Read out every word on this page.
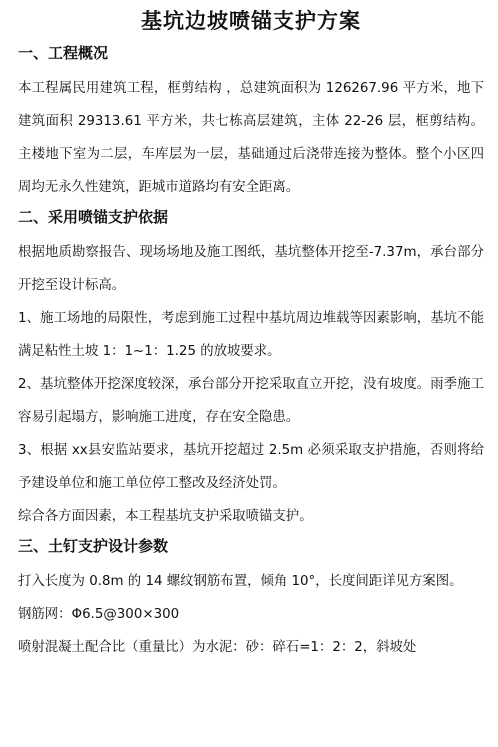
基坑边坡喷锚支护方案
一、工程概况

本工程属民用建筑工程，框剪结构 ，总建筑面积为 126267.96 平方米，地下建筑面积 29313.61 平方米，共七栋高层建筑，主体 22-26 层，框剪结构。主楼地下室为二层，车库层为一层，基础通过后浇带连接为整体。整个小区四周均无永久性建筑，距城市道路均有安全距离。

二、采用喷锚支护依据

根据地质勘察报告、现场场地及施工图纸，基坑整体开挖至-7.37m，承台部分开挖至设计标高。

1、施工场地的局限性，考虑到施工过程中基坑周边堆载等因素影响，基坑不能满足粘性土坡 1：1~1：1.25 的放坡要求。

2、基坑整体开挖深度较深，承台部分开挖采取直立开挖，没有坡度。雨季施工容易引起塌方，影响施工进度，存在安全隐患。

3、根据 xx县安监站要求，基坑开挖超过 2.5m 必须采取支护措施，否则将给予建设单位和施工单位停工整改及经济处罚。

综合各方面因素，本工程基坑支护采取喷锚支护。

三、土钉支护设计参数

打入长度为 0.8m 的 14 螺纹钢筋布置，倾角 10°，长度间距详见方案图。

钢筋网：Φ6.5@300×300

喷射混凝土配合比（重量比）为水泥：砂：碎石=1：2：2，斜坡处
